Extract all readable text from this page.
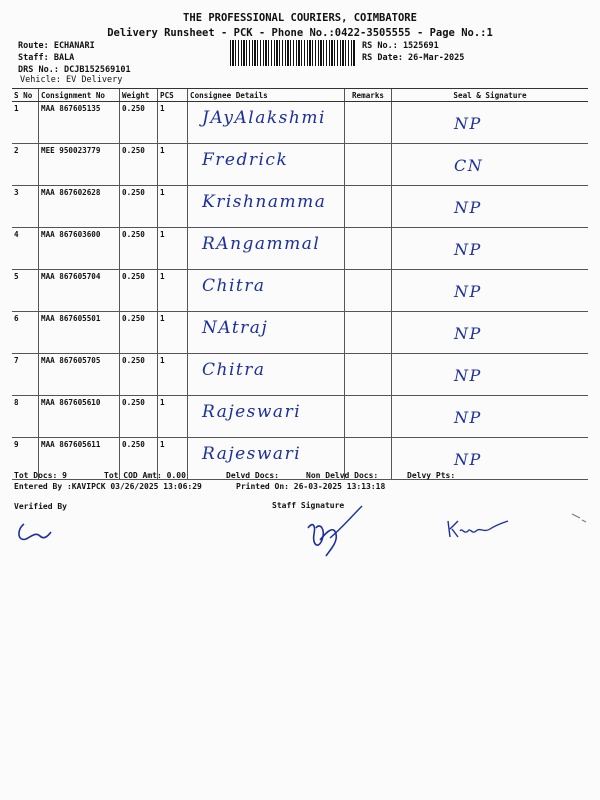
THE PROFESSIONAL COURIERS, COIMBATORE
Delivery Runsheet - PCK - Phone No.:0422-3505555 - Page No.:1
Route: ECHANARI
Staff: BALA
DRS No.: DCJB152569101
Vehicle: EV Delivery
RS No.: 1525691
RS Date: 26-Mar-2025
S No	Consignment No	Weight	PCS	Consignee Details	Remarks	Seal & Signature
1	MAA 867605135	0.250	1	JAyAlakshmi		NP

2	MEE 950023779	0.250	1	Fredrick		CN

3	MAA 867602628	0.250	1	Krishnamma		NP

4	MAA 867603600	0.250	1	RAngammal		NP

5	MAA 867605704	0.250	1	Chitra		NP

6	MAA 867605501	0.250	1	NAtraj		NP

7	MAA 867605705	0.250	1	Chitra		NP

8	MAA 867605610	0.250	1	Rajeswari		NP

9	MAA 867605611	0.250	1	Rajeswari		NP
Tot Docs: 9	Tot COD Amt: 0.00	Delvd Docs:	Non Delvd Docs:	Delvy Pts:
Entered By :KAVIPCK 03/26/2025 13:06:29	Printed On: 26-03-2025 13:13:18
Verified By	Staff Signature
